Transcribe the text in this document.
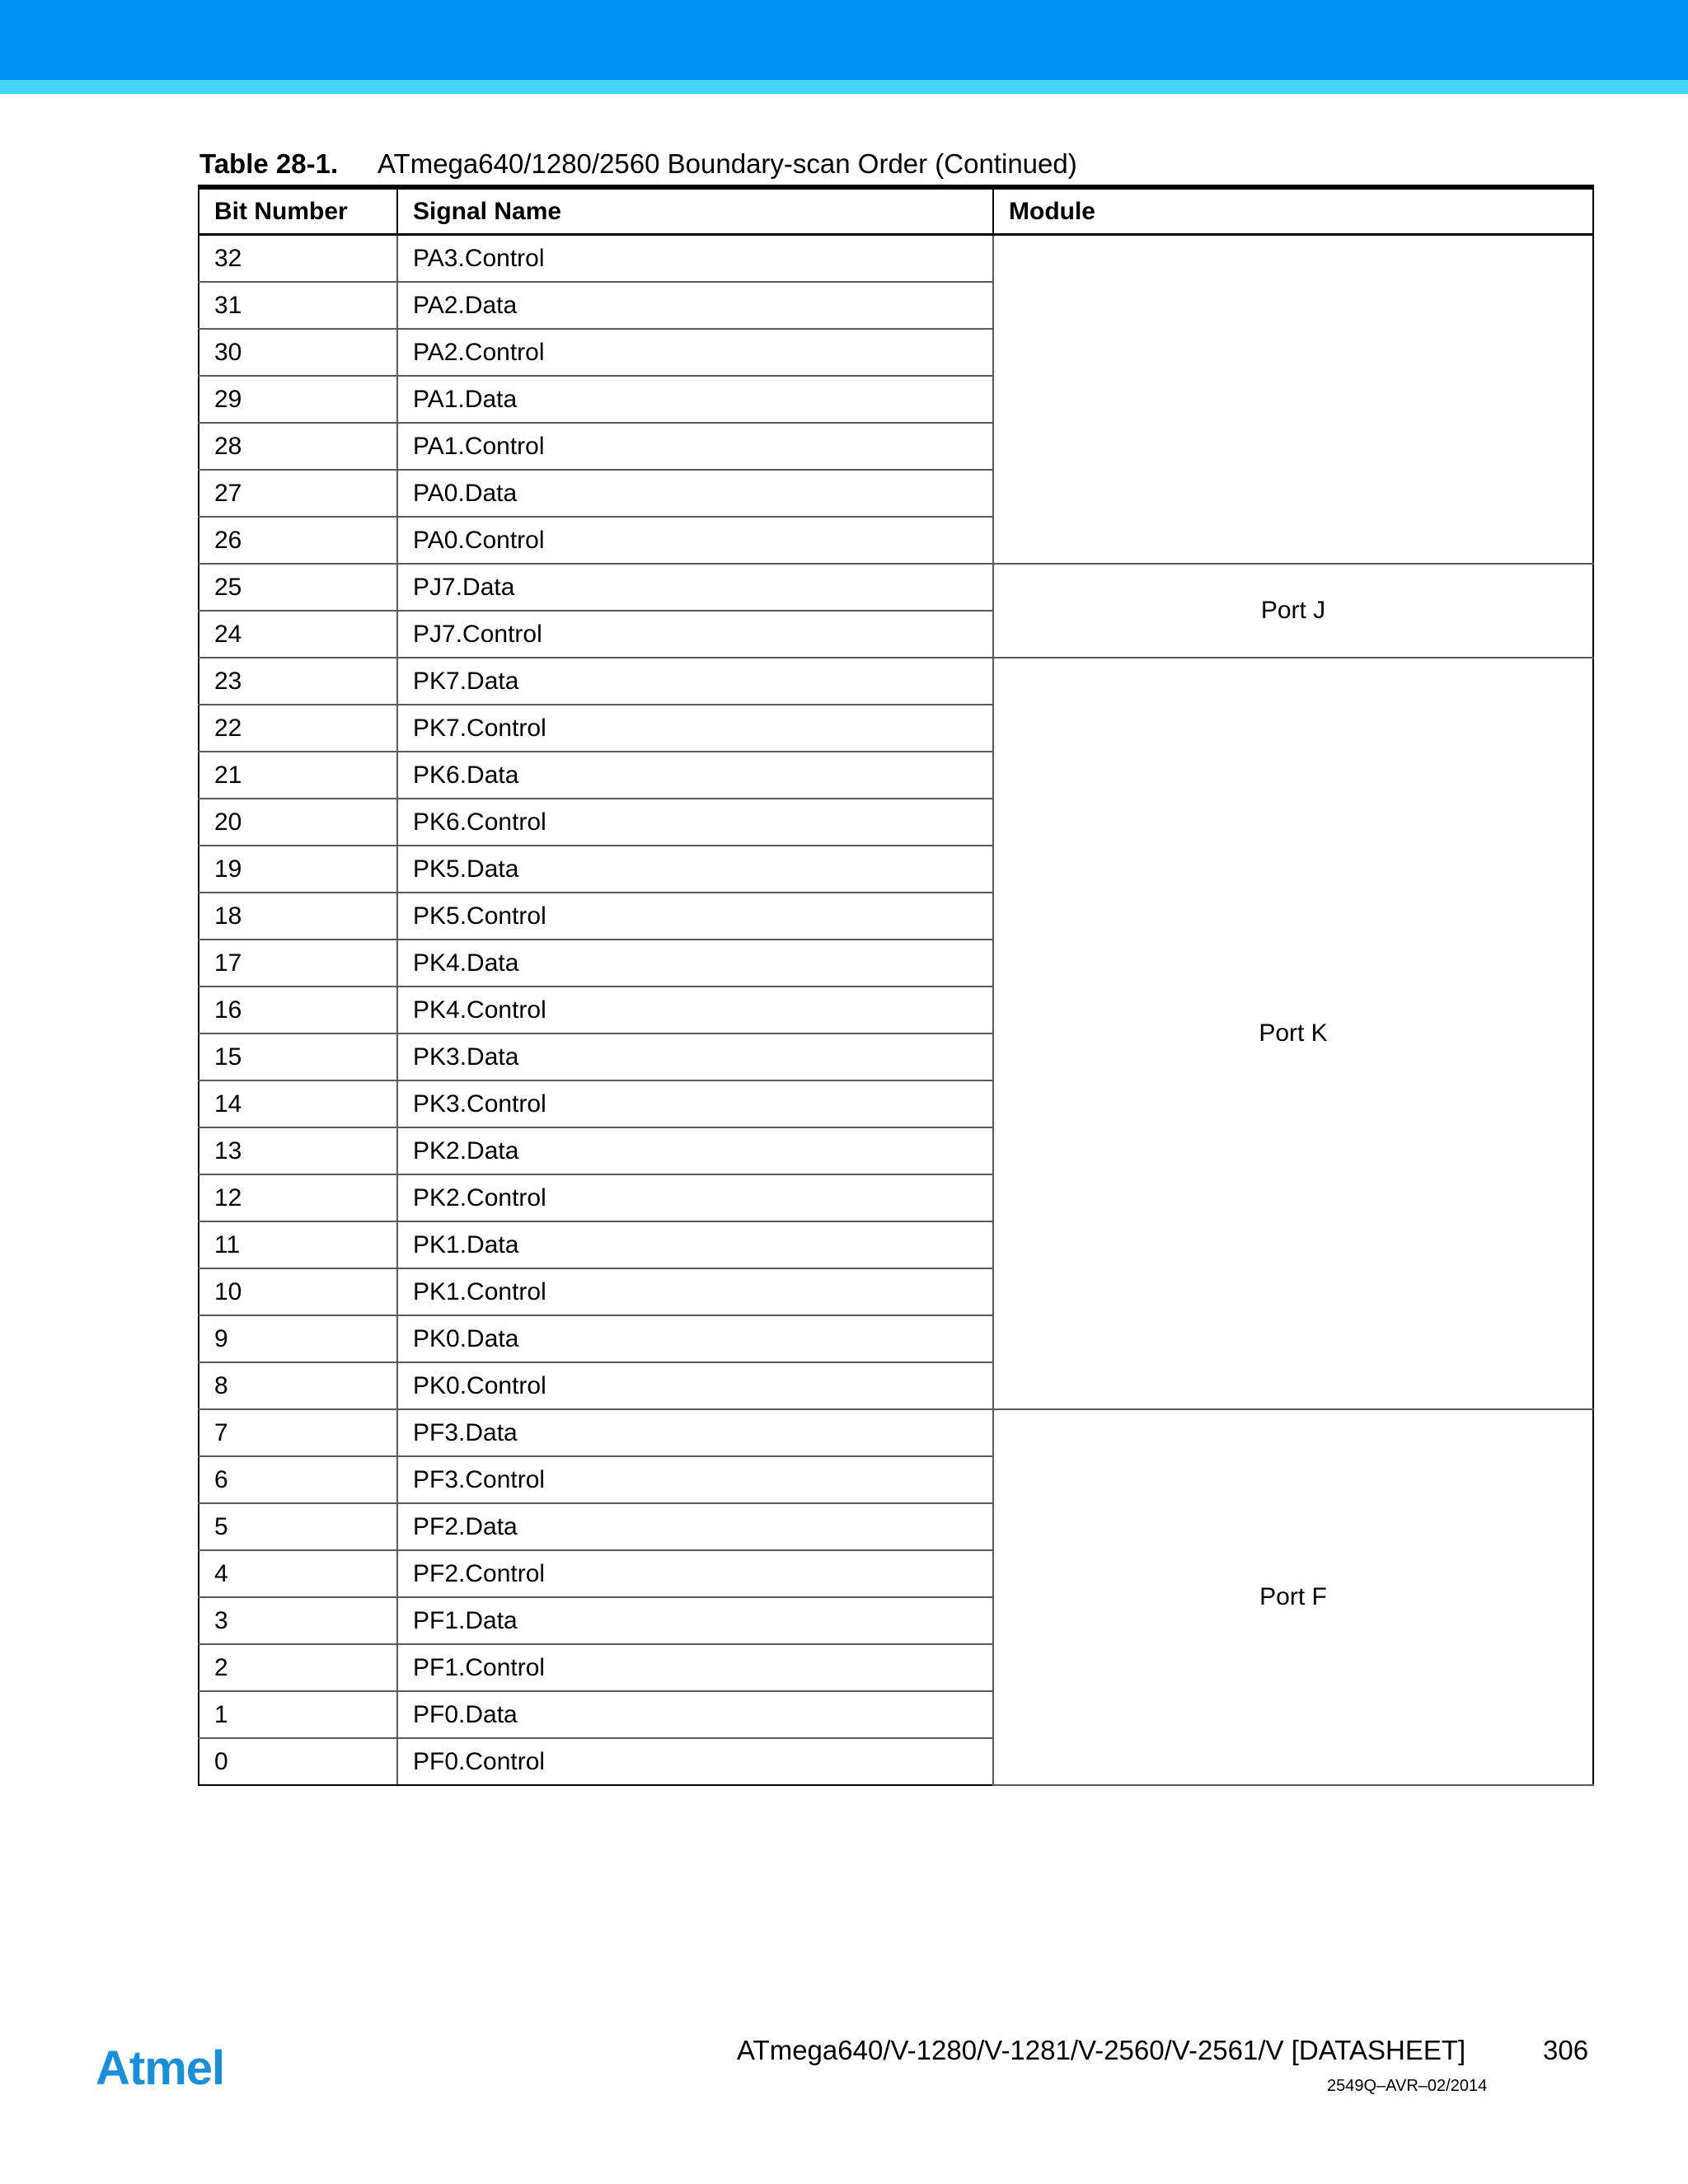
Table 28-1. ATmega640/1280/2560 Boundary-scan Order (Continued)
Bit Number	Signal Name	Module
32	PA3.Control	
31	PA2.Data	
30	PA2.Control	
29	PA1.Data	
28	PA1.Control	
27	PA0.Data	
26	PA0.Control	
25	PJ7.Data	Port J
24	PJ7.Control	
23	PK7.Data	Port K
22	PK7.Control	
21	PK6.Data	
20	PK6.Control	
19	PK5.Data	
18	PK5.Control	
17	PK4.Data	
16	PK4.Control	
15	PK3.Data	
14	PK3.Control	
13	PK2.Data	
12	PK2.Control	
11	PK1.Data	
10	PK1.Control	
9	PK0.Data	
8	PK0.Control	
7	PF3.Data	Port F
6	PF3.Control	
5	PF2.Data	
4	PF2.Control	
3	PF1.Data	
2	PF1.Control	
1	PF0.Data	
0	PF0.Control	
Atmel	ATmega640/V-1280/V-1281/V-2560/V-2561/V [DATASHEET]	306
2549Q–AVR–02/2014
